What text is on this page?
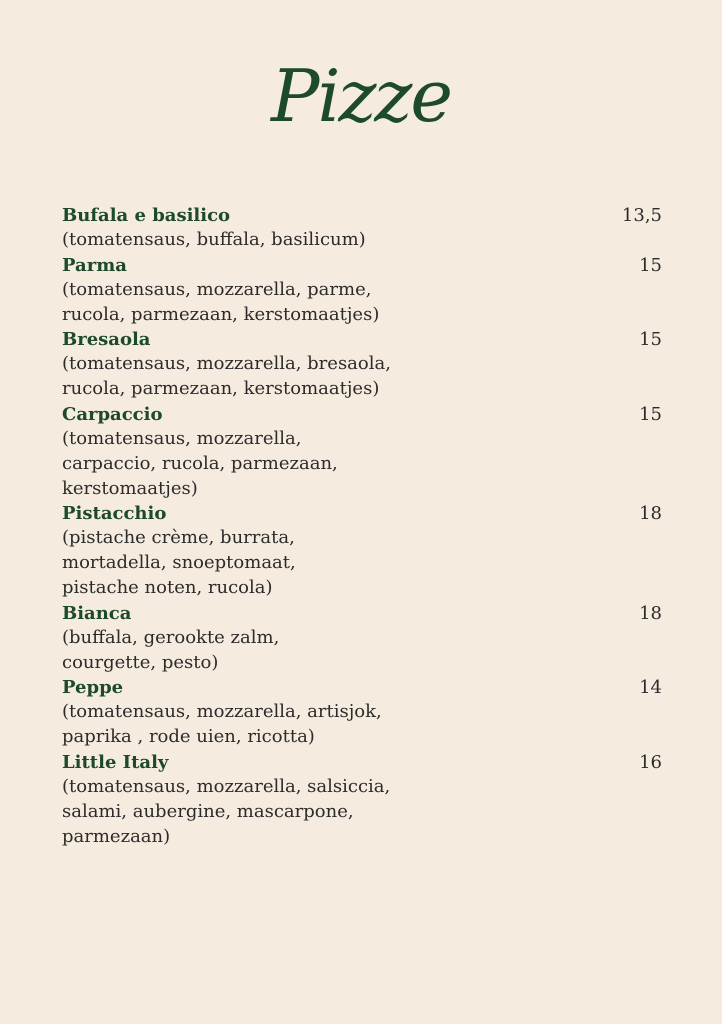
Pizze
Bufala e basilico	13,5
(tomatensaus, buffala, basilicum)
Parma	15
(tomatensaus, mozzarella, parme,
rucola, parmezaan, kerstomaatjes)
Bresaola	15
(tomatensaus, mozzarella, bresaola,
rucola, parmezaan, kerstomaatjes)
Carpaccio	15
(tomatensaus, mozzarella,
carpaccio, rucola, parmezaan,
kerstomaatjes)
Pistacchio	18
(pistache crème, burrata,
mortadella, snoeptomaat,
pistache noten, rucola)
Bianca	18
(buffala, gerookte zalm,
courgette, pesto)
Peppe	14
(tomatensaus, mozzarella, artisjok,
paprika , rode uien, ricotta)
Little Italy	16
(tomatensaus, mozzarella, salsiccia,
salami, aubergine, mascarpone,
parmezaan)
